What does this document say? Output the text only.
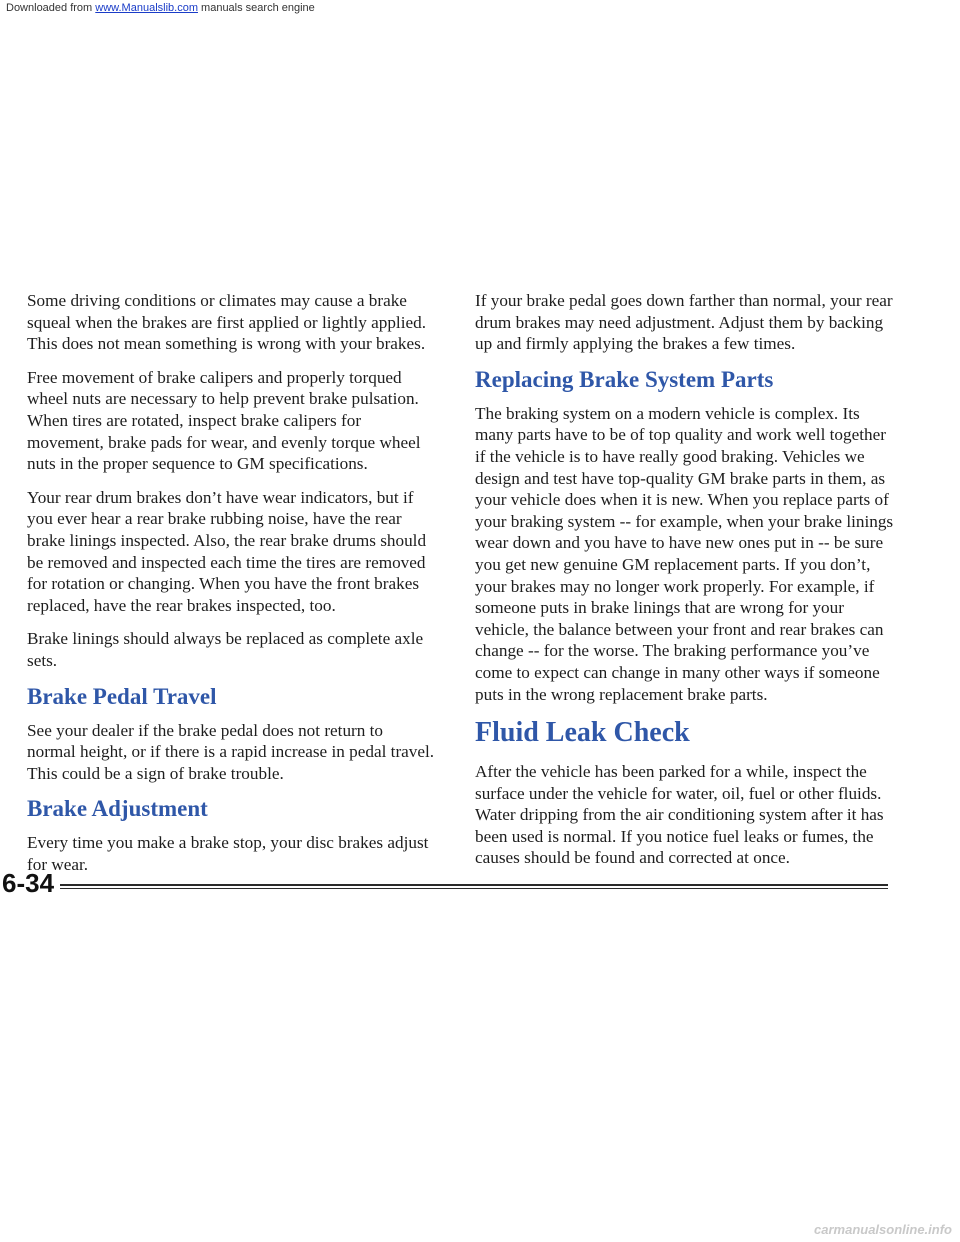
Downloaded from www.Manualslib.com manuals search engine

Some driving conditions or climates may cause a brake squeal when the brakes are first applied or lightly applied. This does not mean something is wrong with your brakes.

Free movement of brake calipers and properly torqued wheel nuts are necessary to help prevent brake pulsation. When tires are rotated, inspect brake calipers for movement, brake pads for wear, and evenly torque wheel nuts in the proper sequence to GM specifications.

Your rear drum brakes don’t have wear indicators, but if you ever hear a rear brake rubbing noise, have the rear brake linings inspected. Also, the rear brake drums should be removed and inspected each time the tires are removed for rotation or changing. When you have the front brakes replaced, have the rear brakes inspected, too.

Brake linings should always be replaced as complete axle sets.

Brake Pedal Travel

See your dealer if the brake pedal does not return to normal height, or if there is a rapid increase in pedal travel. This could be a sign of brake trouble.

Brake Adjustment

Every time you make a brake stop, your disc brakes adjust for wear.

If your brake pedal goes down farther than normal, your rear drum brakes may need adjustment. Adjust them by backing up and firmly applying the brakes a few times.

Replacing Brake System Parts

The braking system on a modern vehicle is complex. Its many parts have to be of top quality and work well together if the vehicle is to have really good braking. Vehicles we design and test have top-quality GM brake parts in them, as your vehicle does when it is new. When you replace parts of your braking system -- for example, when your brake linings wear down and you have to have new ones put in -- be sure you get new genuine GM replacement parts. If you don’t, your brakes may no longer work properly. For example, if someone puts in brake linings that are wrong for your vehicle, the balance between your front and rear brakes can change -- for the worse. The braking performance you’ve come to expect can change in many other ways if someone puts in the wrong replacement brake parts.

Fluid Leak Check

After the vehicle has been parked for a while, inspect the surface under the vehicle for water, oil, fuel or other fluids. Water dripping from the air conditioning system after it has been used is normal. If you notice fuel leaks or fumes, the causes should be found and corrected at once.

6-34
carmanualsonline.info
